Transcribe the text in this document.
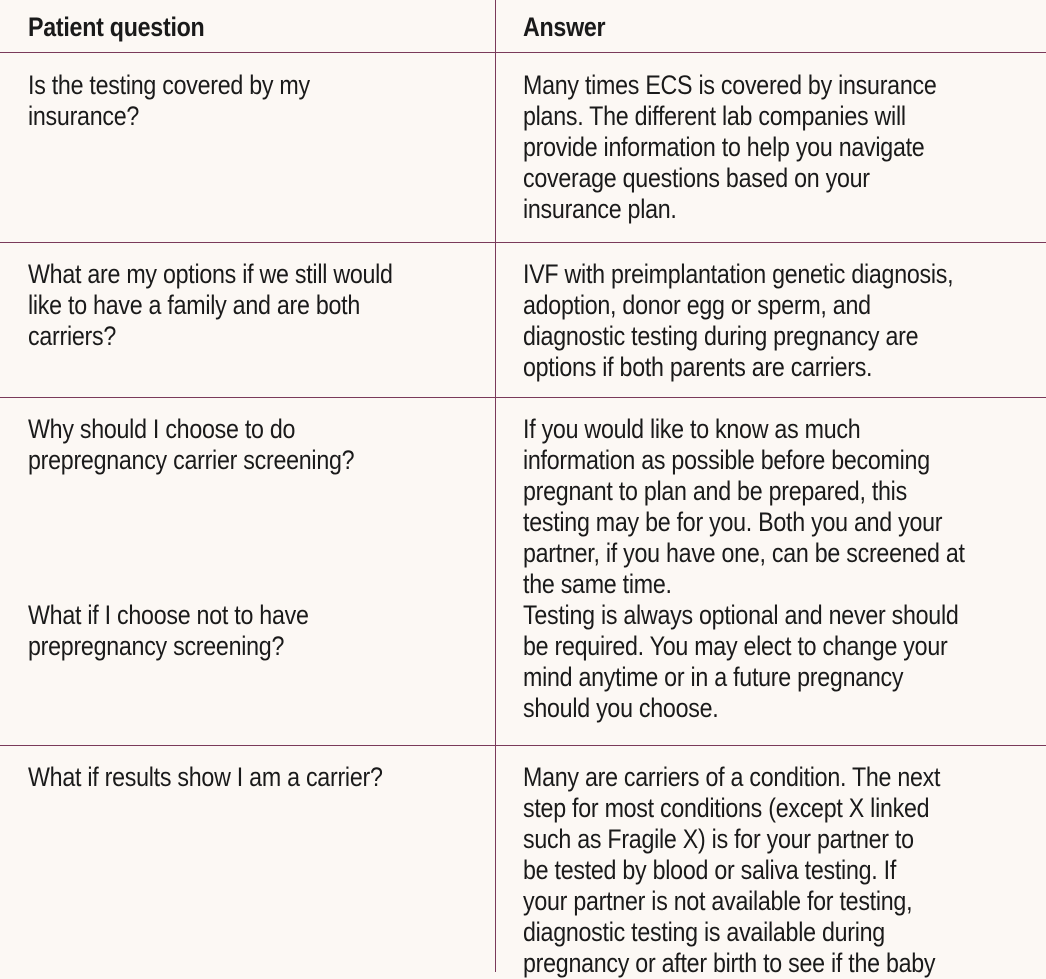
Patient question	Answer
Is the testing covered by my
insurance?
Many times ECS is covered by insurance
plans. The different lab companies will
provide information to help you navigate
coverage questions based on your
insurance plan.
What are my options if we still would
like to have a family and are both
carriers?
IVF with preimplantation genetic diagnosis,
adoption, donor egg or sperm, and
diagnostic testing during pregnancy are
options if both parents are carriers.
Why should I choose to do
prepregnancy carrier screening?
If you would like to know as much
information as possible before becoming
pregnant to plan and be prepared, this
testing may be for you. Both you and your
partner, if you have one, can be screened at
the same time.
What if I choose not to have
prepregnancy screening?
Testing is always optional and never should
be required. You may elect to change your
mind anytime or in a future pregnancy
should you choose.
What if results show I am a carrier?	Many are carriers of a condition. The next
step for most conditions (except X linked
such as Fragile X) is for your partner to
be tested by blood or saliva testing. If
your partner is not available for testing,
diagnostic testing is available during
pregnancy or after birth to see if the baby
